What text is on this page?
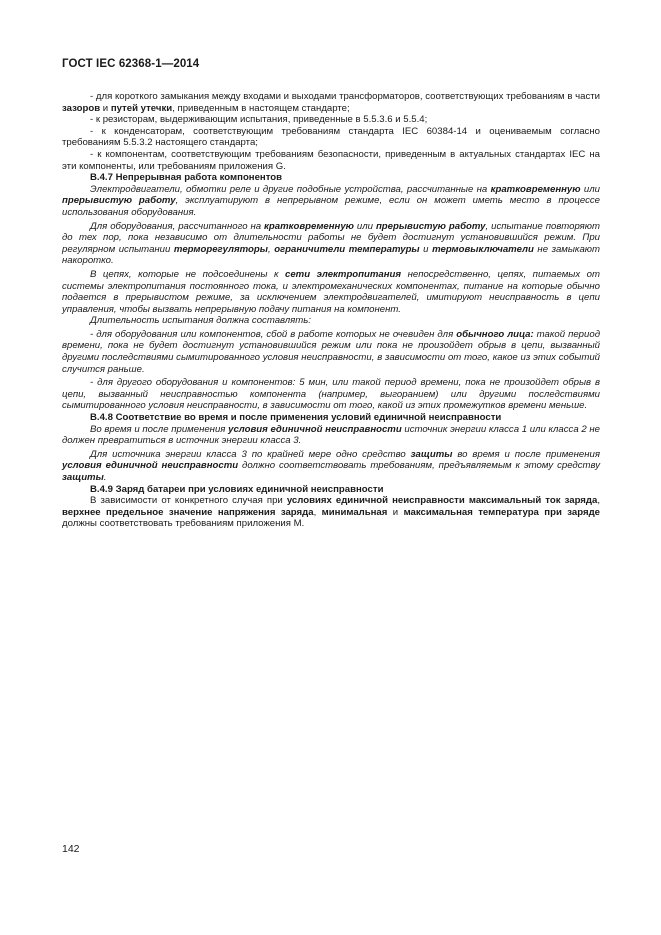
ГОСТ IEC 62368-1—2014

- для короткого замыкания между входами и выходами трансформаторов, соответствующих требованиям в части зазоров и путей утечки, приведенным в настоящем стандарте;

- к резисторам, выдерживающим испытания, приведенные в 5.5.3.6 и 5.5.4;

- к конденсаторам, соответствующим требованиям стандарта IEC 60384-14 и оцениваемым согласно требованиям 5.5.3.2 настоящего стандарта;

- к компонентам, соответствующим требованиям безопасности, приведенным в актуальных стандартах IEC на эти компоненты, или требованиям приложения G.

B.4.7 Непрерывная работа компонентов

Электродвигатели, обмотки реле и другие подобные устройства, рассчитанные на кратковременную или прерывистую работу, эксплуатируют в непрерывном режиме, если он может иметь место в процессе использования оборудования.

Для оборудования, рассчитанного на кратковременную или прерывистую работу, испытание повторяют до тех пор, пока независимо от длительности работы не будет достигнут установившийся режим. При регулярном испытании терморегуляторы, ограничители температуры и термовыключатели не замыкают накоротко.

В цепях, которые не подсоединены к сети электропитания непосредственно, цепях, питаемых от системы электропитания постоянного тока, и электромеханических компонентах, питание на которые обычно подается в прерывистом режиме, за исключением электродвигателей, имитируют неисправность в цепи управления, чтобы вызвать непрерывную подачу питания на компонент.

Длительность испытания должна составлять:

- для оборудования или компонентов, сбой в работе которых не очевиден для обычного лица: такой период времени, пока не будет достигнут установившийся режим или пока не произойдет обрыв в цепи, вызванный другими последствиями сымитированного условия неисправности, в зависимости от того, какое из этих событий случится раньше.

- для другого оборудования и компонентов: 5 мин, или такой период времени, пока не произойдет обрыв в цепи, вызванный неисправностью компонента (например, выгоранием) или другими последствиями сымитированного условия неисправности, в зависимости от того, какой из этих промежутков времени меньше.

B.4.8 Соответствие во время и после применения условий единичной неисправности

Во время и после применения условия единичной неисправности источник энергии класса 1 или класса 2 не должен превратиться в источник энергии класса 3.

Для источника энергии класса 3 по крайней мере одно средство защиты во время и после применения условия единичной неисправности должно соответствовать требованиям, предъявляемым к этому средству защиты.

B.4.9 Заряд батареи при условиях единичной неисправности

В зависимости от конкретного случая при условиях единичной неисправности максимальный ток заряда, верхнее предельное значение напряжения заряда, минимальная и максимальная температура при заряде должны соответствовать требованиям приложения М.

142
